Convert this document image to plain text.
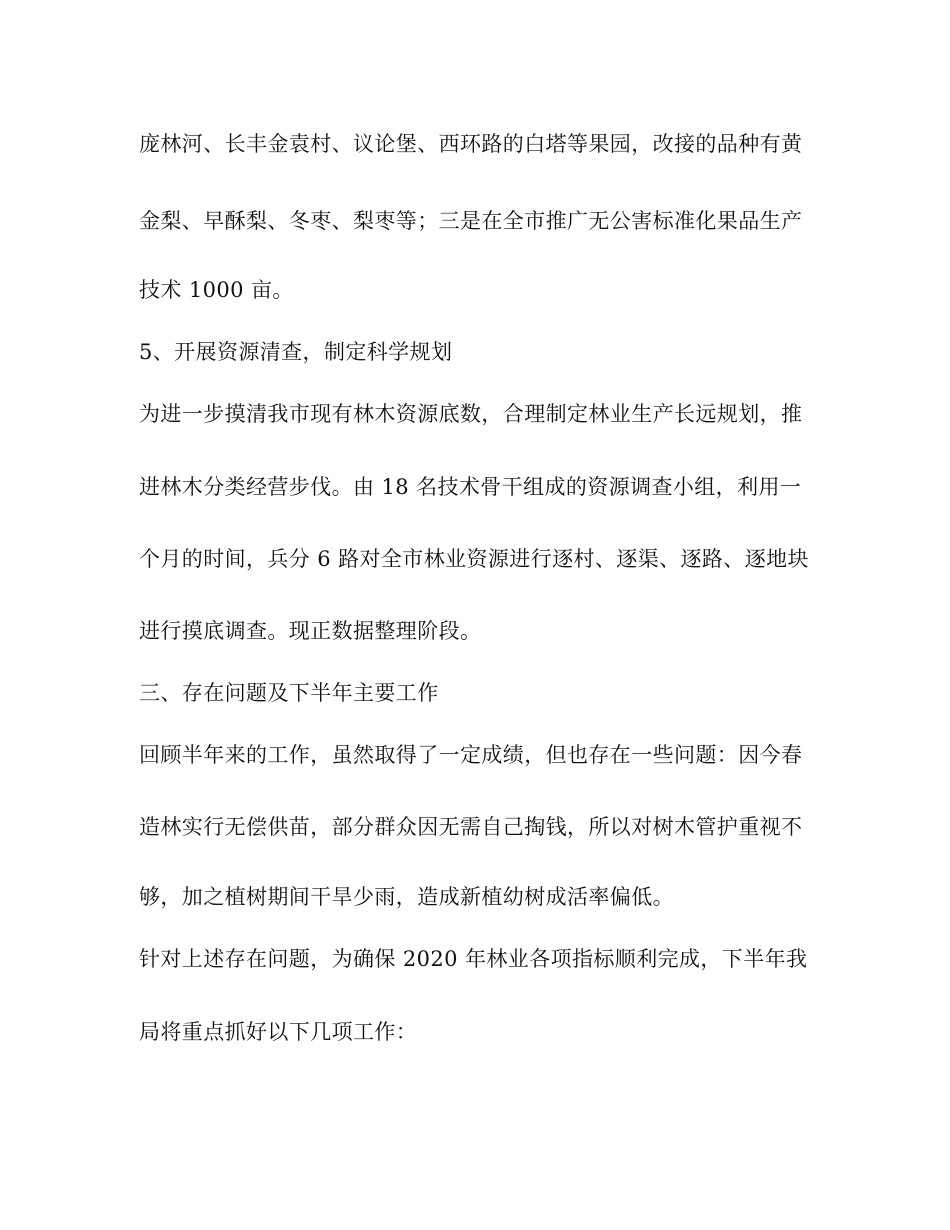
庞林河、长丰金袁村、议论堡、西环路的白塔等果园，改接的品种有黄
金梨、早酥梨、冬枣、梨枣等；三是在全市推广无公害标准化果品生产
技术 1000 亩。
5、开展资源清查，制定科学规划
为进一步摸清我市现有林木资源底数，合理制定林业生产长远规划，推
进林木分类经营步伐。由 18 名技术骨干组成的资源调查小组，利用一
个月的时间，兵分 6 路对全市林业资源进行逐村、逐渠、逐路、逐地块
进行摸底调查。现正数据整理阶段。
三、存在问题及下半年主要工作
回顾半年来的工作，虽然取得了一定成绩，但也存在一些问题：因今春
造林实行无偿供苗，部分群众因无需自己掏钱，所以对树木管护重视不
够，加之植树期间干旱少雨，造成新植幼树成活率偏低。
针对上述存在问题，为确保 2020 年林业各项指标顺利完成，下半年我
局将重点抓好以下几项工作：
